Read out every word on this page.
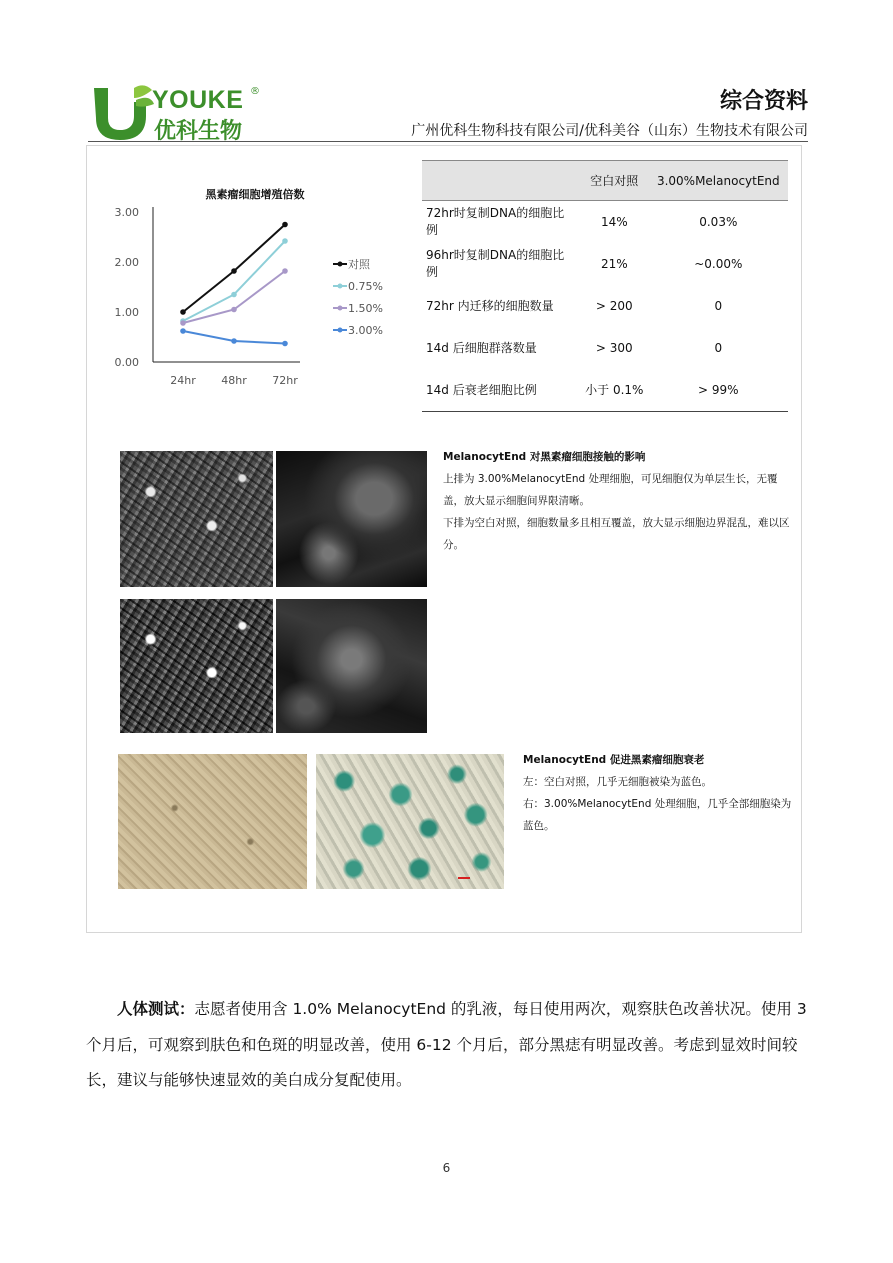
YOUKE ®
优科生物
综合资料
广州优科生物科技有限公司/优科美谷（山东）生物技术有限公司
黑素瘤细胞增殖倍数
0.00
1.00
2.00
3.00
24hr 48hr 72hr
对照
0.75%
1.50%
3.00%
	空白对照	3.00%MelanocytEnd
72hr时复制DNA的细胞比例	14%	0.03%
96hr时复制DNA的细胞比例	21%	~0.00%
72hr 内迁移的细胞数量	> 200	0
14d 后细胞群落数量	> 300	0
14d 后衰老细胞比例	小于 0.1%	> 99%
MelanocytEnd 对黑素瘤细胞接触的影响
上排为 3.00%MelanocytEnd 处理细胞，可见细胞仅为单层生长，无覆盖，放大显示细胞间界限清晰。
下排为空白对照，细胞数量多且相互覆盖，放大显示细胞边界混乱，难以区分。
MelanocytEnd 促进黑素瘤细胞衰老
左：空白对照，几乎无细胞被染为蓝色。
右：3.00%MelanocytEnd 处理细胞，几乎全部细胞染为蓝色。
人体测试：志愿者使用含 1.0% MelanocytEnd 的乳液，每日使用两次，观察肤色改善状况。使用 3 个月后，可观察到肤色和色斑的明显改善，使用 6-12 个月后，部分黑痣有明显改善。考虑到显效时间较长，建议与能够快速显效的美白成分复配使用。
6
